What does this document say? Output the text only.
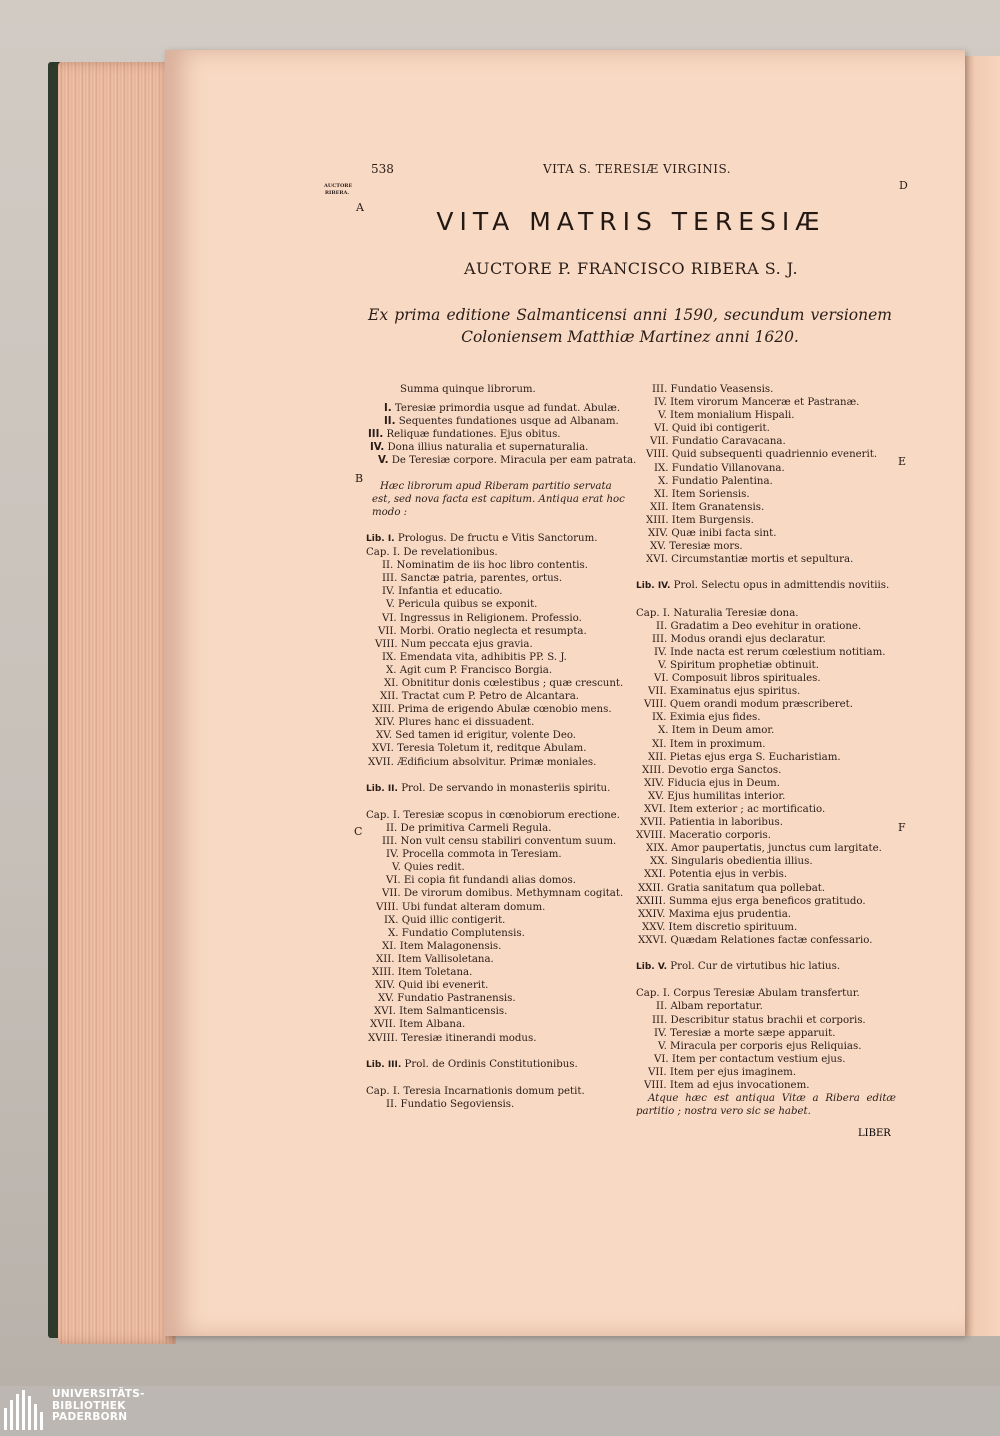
538	VITA S. TERESIÆ VIRGINIS.
AUCTORE
RIBERA.
A
B
C
D
E
F
VITA MATRIS TERESIÆ
AUCTORE P. FRANCISCO RIBERA S. J.
Ex prima editione Salmanticensi anni 1590, secundum versionem Coloniensem Matthiæ Martinez anni 1620.
Summa quinque librorum.
I. Teresiæ primordia usque ad fundat. Abulæ.
II. Sequentes fundationes usque ad Albanam.
III. Reliquæ fundationes. Ejus obitus.
IV. Dona illius naturalia et supernaturalia.
V. De Teresiæ corpore. Miracula per eam patrata.
Hæc librorum apud Riberam partitio servata est, sed nova facta est capitum. Antiqua erat hoc modo :
Lib. I. Prologus. De fructu e Vitis Sanctorum.
Cap. I. De revelationibus.
II. Nominatim de iis hoc libro contentis.
III. Sanctæ patria, parentes, ortus.
IV. Infantia et educatio.
V. Pericula quibus se exponit.
VI. Ingressus in Religionem. Professio.
VII. Morbi. Oratio neglecta et resumpta.
VIII. Num peccata ejus gravia.
IX. Emendata vita, adhibitis PP. S. J.
X. Agit cum P. Francisco Borgia.
XI. Obnititur donis cœlestibus ; quæ crescunt.
XII. Tractat cum P. Petro de Alcantara.
XIII. Prima de erigendo Abulæ cœnobio mens.
XIV. Plures hanc ei dissuadent.
XV. Sed tamen id erigitur, volente Deo.
XVI. Teresia Toletum it, reditque Abulam.
XVII. Ædificium absolvitur. Primæ moniales.
Lib. II. Prol. De servando in monasteriis spiritu.
Cap. I. Teresiæ scopus in cœnobiorum erectione.
II. De primitiva Carmeli Regula.
III. Non vult censu stabiliri conventum suum.
IV. Procella commota in Teresiam.
V. Quies redit.
VI. Ei copia fit fundandi alias domos.
VII. De virorum domibus. Methymnam cogitat.
VIII. Ubi fundat alteram domum.
IX. Quid illic contigerit.
X. Fundatio Complutensis.
XI. Item Malagonensis.
XII. Item Vallisoletana.
XIII. Item Toletana.
XIV. Quid ibi evenerit.
XV. Fundatio Pastranensis.
XVI. Item Salmanticensis.
XVII. Item Albana.
XVIII. Teresiæ itinerandi modus.
Lib. III. Prol. de Ordinis Constitutionibus.
Cap. I. Teresia Incarnationis domum petit.
II. Fundatio Segoviensis.
III. Fundatio Veasensis.
IV. Item virorum Manceræ et Pastranæ.
V. Item monialium Hispali.
VI. Quid ibi contigerit.
VII. Fundatio Caravacana.
VIII. Quid subsequenti quadriennio evenerit.
IX. Fundatio Villanovana.
X. Fundatio Palentina.
XI. Item Soriensis.
XII. Item Granatensis.
XIII. Item Burgensis.
XIV. Quæ inibi facta sint.
XV. Teresiæ mors.
XVI. Circumstantiæ mortis et sepultura.
Lib. IV. Prol. Selectu opus in admittendis novitiis.
Cap. I. Naturalia Teresiæ dona.
II. Gradatim a Deo evehitur in oratione.
III. Modus orandi ejus declaratur.
IV. Inde nacta est rerum cœlestium notitiam.
V. Spiritum prophetiæ obtinuit.
VI. Composuit libros spirituales.
VII. Examinatus ejus spiritus.
VIII. Quem orandi modum præscriberet.
IX. Eximia ejus fides.
X. Item in Deum amor.
XI. Item in proximum.
XII. Pietas ejus erga S. Eucharistiam.
XIII. Devotio erga Sanctos.
XIV. Fiducia ejus in Deum.
XV. Ejus humilitas interior.
XVI. Item exterior ; ac mortificatio.
XVII. Patientia in laboribus.
XVIII. Maceratio corporis.
XIX. Amor paupertatis, junctus cum largitate.
XX. Singularis obedientia illius.
XXI. Potentia ejus in verbis.
XXII. Gratia sanitatum qua pollebat.
XXIII. Summa ejus erga beneficos gratitudo.
XXIV. Maxima ejus prudentia.
XXV. Item discretio spirituum.
XXVI. Quædam Relationes factæ confessario.
Lib. V. Prol. Cur de virtutibus hic latius.
Cap. I. Corpus Teresiæ Abulam transfertur.
II. Albam reportatur.
III. Describitur status brachii et corporis.
IV. Teresiæ a morte sæpe apparuit.
V. Miracula per corporis ejus Reliquias.
VI. Item per contactum vestium ejus.
VII. Item per ejus imaginem.
VIII. Item ad ejus invocationem.
Atque hæc est antiqua Vitæ a Ribera editæ partitio ; nostra vero sic se habet.
LIBER
UNIVERSITÄTS-
BIBLIOTHEK
PADERBORN
